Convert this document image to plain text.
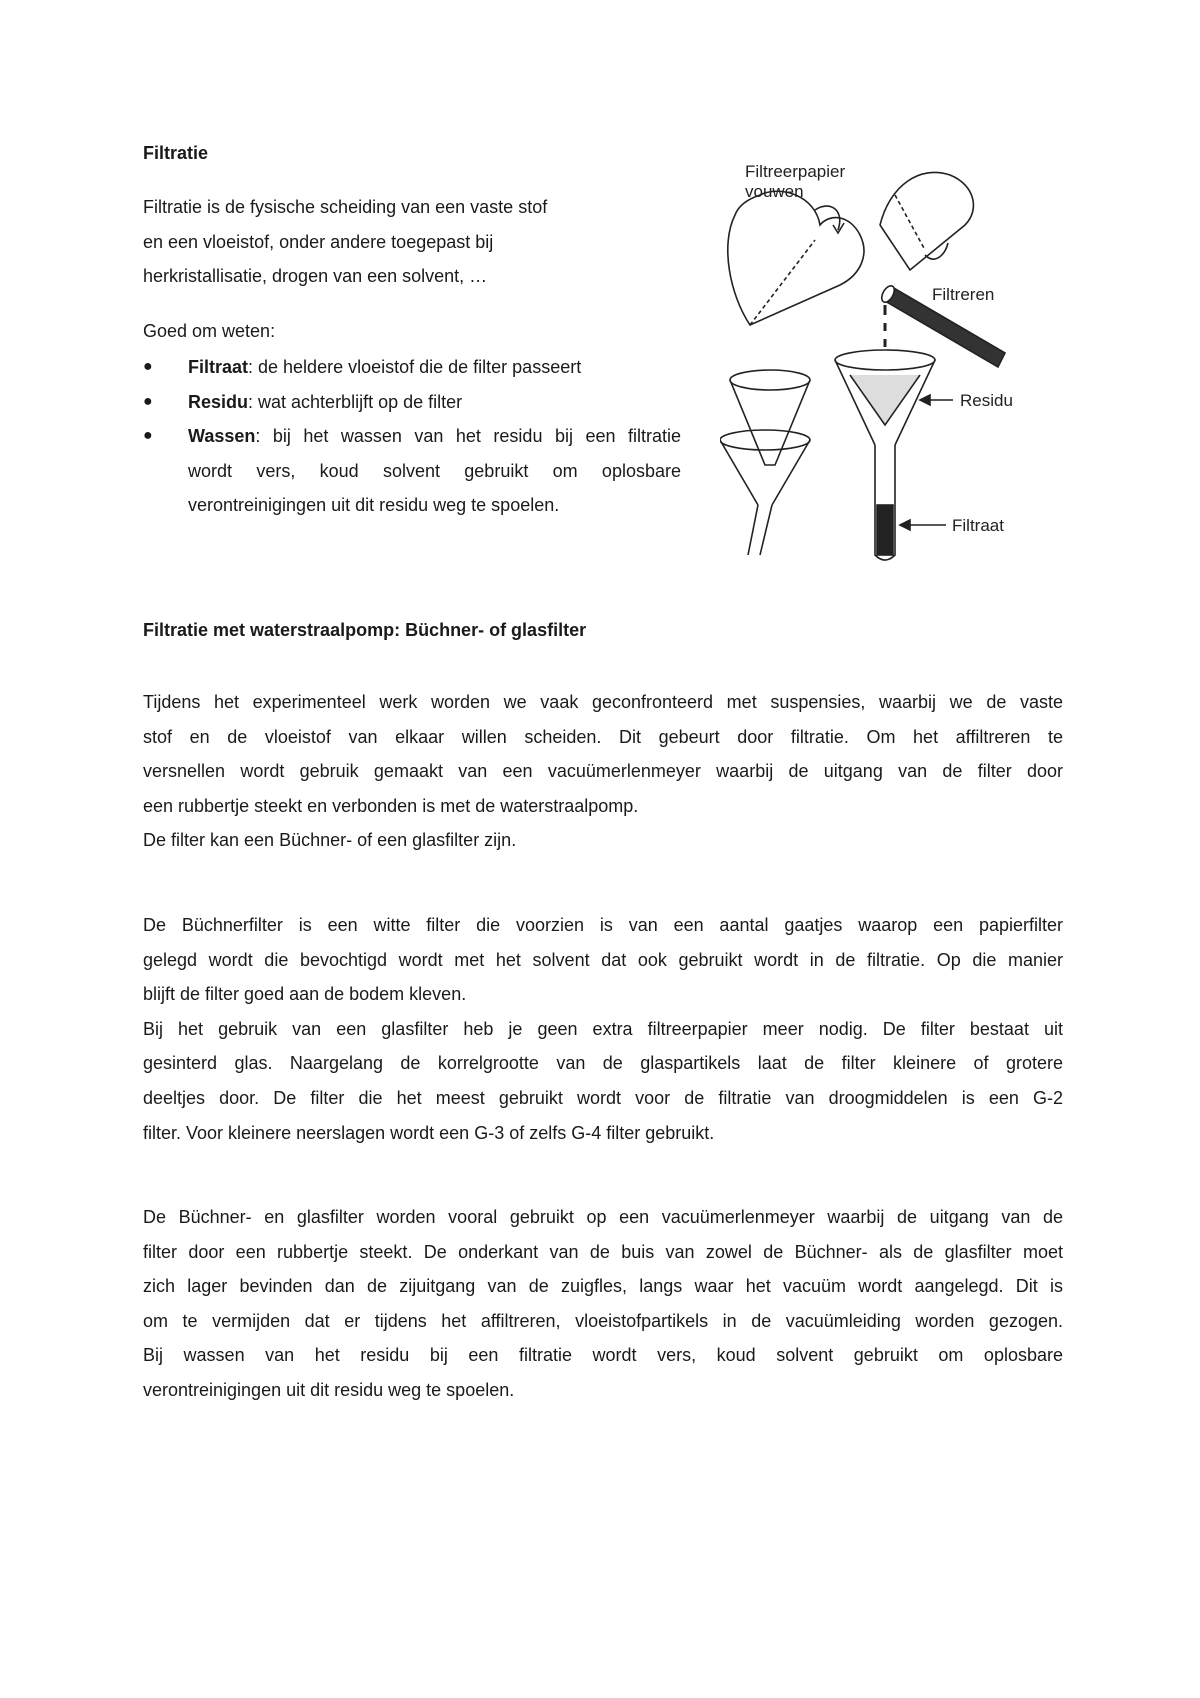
Filtratie

Filtratie is de fysische scheiding van een vaste stof

en een vloeistof, onder andere toegepast bij

herkristallisatie, drogen van een solvent, …

Goed om weten:

● Filtraat: de heldere vloeistof die de filter passeert
● Residu: wat achterblijft op de filter
● Wassen: bij het wassen van het residu bij een filtratie
wordt vers, koud solvent gebruikt om oplosbare
verontreinigingen uit dit residu weg te spoelen.
Filtreerpapier
vouwen
Filtreren
Residu
Filtraat
Filtratie met waterstraalpomp: Büchner- of glasfilter

Tijdens het experimenteel werk worden we vaak geconfronteerd met suspensies, waarbij we de vaste

stof en de vloeistof van elkaar willen scheiden. Dit gebeurt door filtratie. Om het affiltreren te

versnellen wordt gebruik gemaakt van een vacuümerlenmeyer waarbij de uitgang van de filter door

een rubbertje steekt en verbonden is met de waterstraalpomp.

De filter kan een Büchner- of een glasfilter zijn.

De Büchnerfilter is een witte filter die voorzien is van een aantal gaatjes waarop een papierfilter

gelegd wordt die bevochtigd wordt met het solvent dat ook gebruikt wordt in de filtratie. Op die manier

blijft de filter goed aan de bodem kleven.

Bij het gebruik van een glasfilter heb je geen extra filtreerpapier meer nodig. De filter bestaat uit

gesinterd glas. Naargelang de korrelgrootte van de glaspartikels laat de filter kleinere of grotere

deeltjes door. De filter die het meest gebruikt wordt voor de filtratie van droogmiddelen is een G-2

filter. Voor kleinere neerslagen wordt een G-3 of zelfs G-4 filter gebruikt.

De Büchner- en glasfilter worden vooral gebruikt op een vacuümerlenmeyer waarbij de uitgang van de

filter door een rubbertje steekt. De onderkant van de buis van zowel de Büchner- als de glasfilter moet

zich lager bevinden dan de zijuitgang van de zuigfles, langs waar het vacuüm wordt aangelegd. Dit is

om te vermijden dat er tijdens het affiltreren, vloeistofpartikels in de vacuümleiding worden gezogen.

Bij wassen van het residu bij een filtratie wordt vers, koud solvent gebruikt om oplosbare

verontreinigingen uit dit residu weg te spoelen.
